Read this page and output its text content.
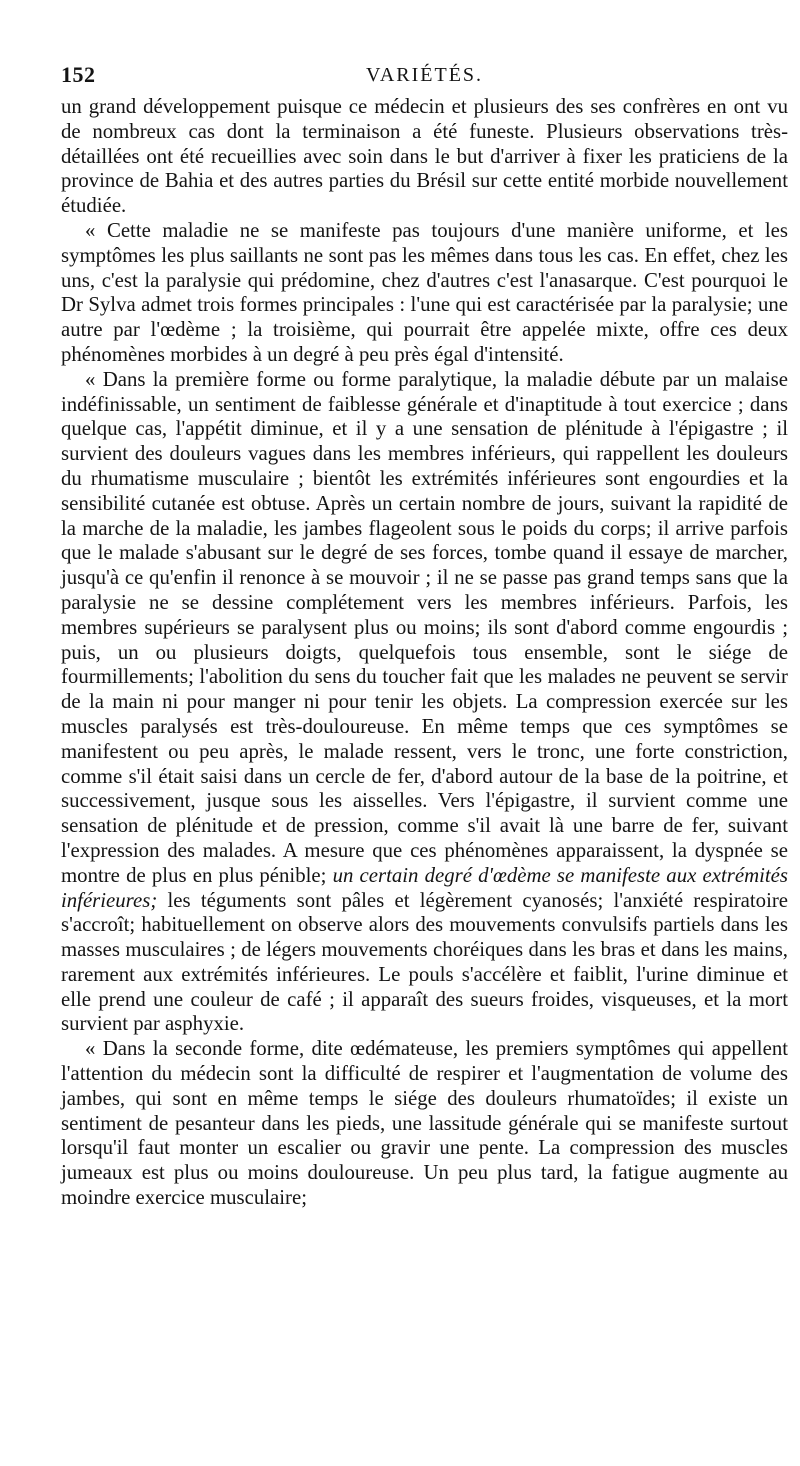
152	VARIÉTÉS.

un grand développement puisque ce médecin et plusieurs des ses confrères en ont vu de nombreux cas dont la terminaison a été funeste. Plusieurs observations très-détaillées ont été recueillies avec soin dans le but d'arriver à fixer les praticiens de la province de Bahia et des autres parties du Brésil sur cette entité morbide nouvellement étudiée.

« Cette maladie ne se manifeste pas toujours d'une manière uniforme, et les symptômes les plus saillants ne sont pas les mêmes dans tous les cas. En effet, chez les uns, c'est la paralysie qui prédomine, chez d'autres c'est l'anasarque. C'est pourquoi le Dr Sylva admet trois formes principales : l'une qui est caractérisée par la paralysie; une autre par l'œdème ; la troisième, qui pourrait être appelée mixte, offre ces deux phénomènes morbides à un degré à peu près égal d'intensité.

« Dans la première forme ou forme paralytique, la maladie débute par un malaise indéfinissable, un sentiment de faiblesse générale et d'inaptitude à tout exercice ; dans quelque cas, l'appétit diminue, et il y a une sensation de plénitude à l'épigastre ; il survient des douleurs vagues dans les membres inférieurs, qui rappellent les douleurs du rhumatisme musculaire ; bientôt les extrémités inférieures sont engourdies et la sensibilité cutanée est obtuse. Après un certain nombre de jours, suivant la rapidité de la marche de la maladie, les jambes flageolent sous le poids du corps; il arrive parfois que le malade s'abusant sur le degré de ses forces, tombe quand il essaye de marcher, jusqu'à ce qu'enfin il renonce à se mouvoir ; il ne se passe pas grand temps sans que la paralysie ne se dessine complétement vers les membres inférieurs. Parfois, les membres supérieurs se paralysent plus ou moins; ils sont d'abord comme engourdis ; puis, un ou plusieurs doigts, quelquefois tous ensemble, sont le siége de fourmillements; l'abolition du sens du toucher fait que les malades ne peuvent se servir de la main ni pour manger ni pour tenir les objets. La compression exercée sur les muscles paralysés est très-douloureuse. En même temps que ces symptômes se manifestent ou peu après, le malade ressent, vers le tronc, une forte constriction, comme s'il était saisi dans un cercle de fer, d'abord autour de la base de la poitrine, et successivement, jusque sous les aisselles. Vers l'épigastre, il survient comme une sensation de plénitude et de pression, comme s'il avait là une barre de fer, suivant l'expression des malades. A mesure que ces phénomènes apparaissent, la dyspnée se montre de plus en plus pénible; un certain degré d'œdème se manifeste aux extrémités inférieures; les téguments sont pâles et légèrement cyanosés; l'anxiété respiratoire s'accroît; habituellement on observe alors des mouvements convulsifs partiels dans les masses musculaires ; de légers mouvements choréiques dans les bras et dans les mains, rarement aux extrémités inférieures. Le pouls s'accélère et faiblit, l'urine diminue et elle prend une couleur de café ; il apparaît des sueurs froides, visqueuses, et la mort survient par asphyxie.

« Dans la seconde forme, dite œdémateuse, les premiers symptômes qui appellent l'attention du médecin sont la difficulté de respirer et l'augmentation de volume des jambes, qui sont en même temps le siége des douleurs rhumatoïdes; il existe un sentiment de pesanteur dans les pieds, une lassitude générale qui se manifeste surtout lorsqu'il faut monter un escalier ou gravir une pente. La compression des muscles jumeaux est plus ou moins douloureuse. Un peu plus tard, la fatigue augmente au moindre exercice musculaire;
